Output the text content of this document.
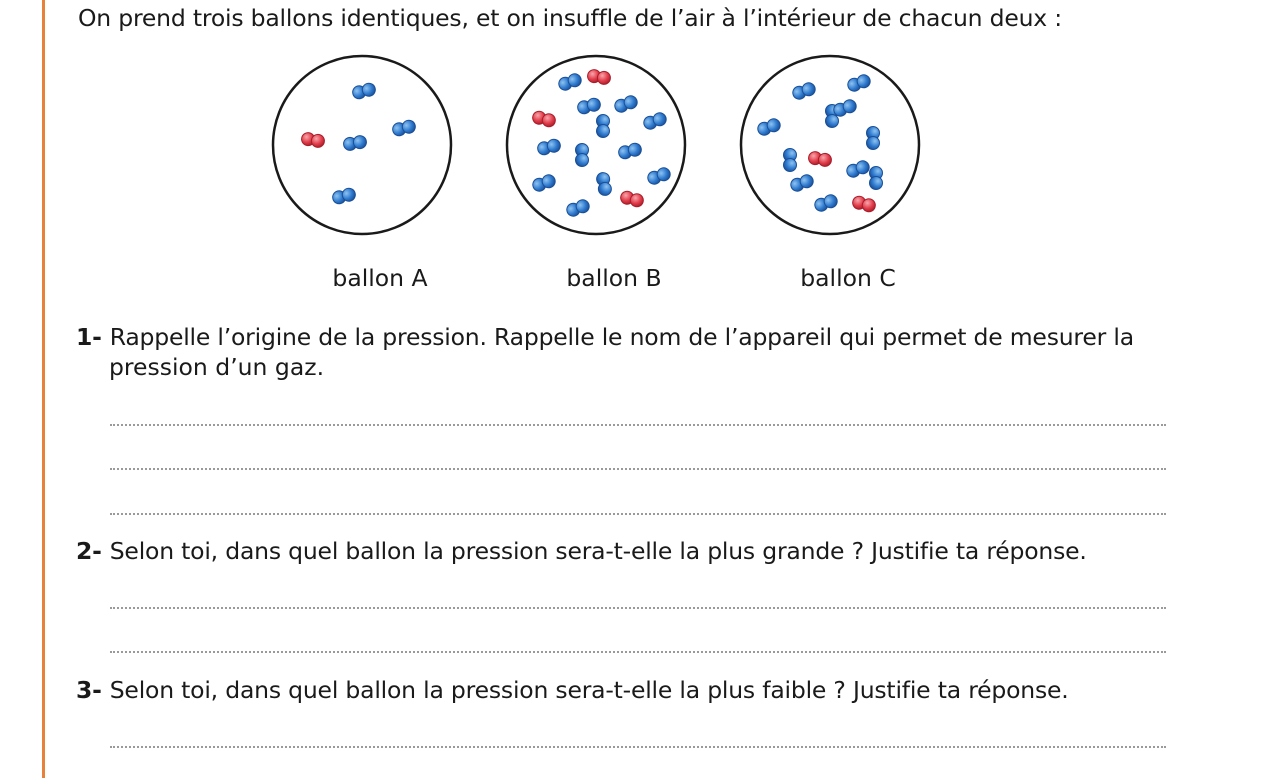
On prend trois ballons identiques, et on insuffle de l’air à l’intérieur de chacun deux :
ballon A	ballon B	ballon C
1- Rappelle l’origine de la pression. Rappelle le nom de l’appareil qui permet de mesurer la
pression d’un gaz.
2- Selon toi, dans quel ballon la pression sera-t-elle la plus grande ? Justifie ta réponse.
3- Selon toi, dans quel ballon la pression sera-t-elle la plus faible ? Justifie ta réponse.
